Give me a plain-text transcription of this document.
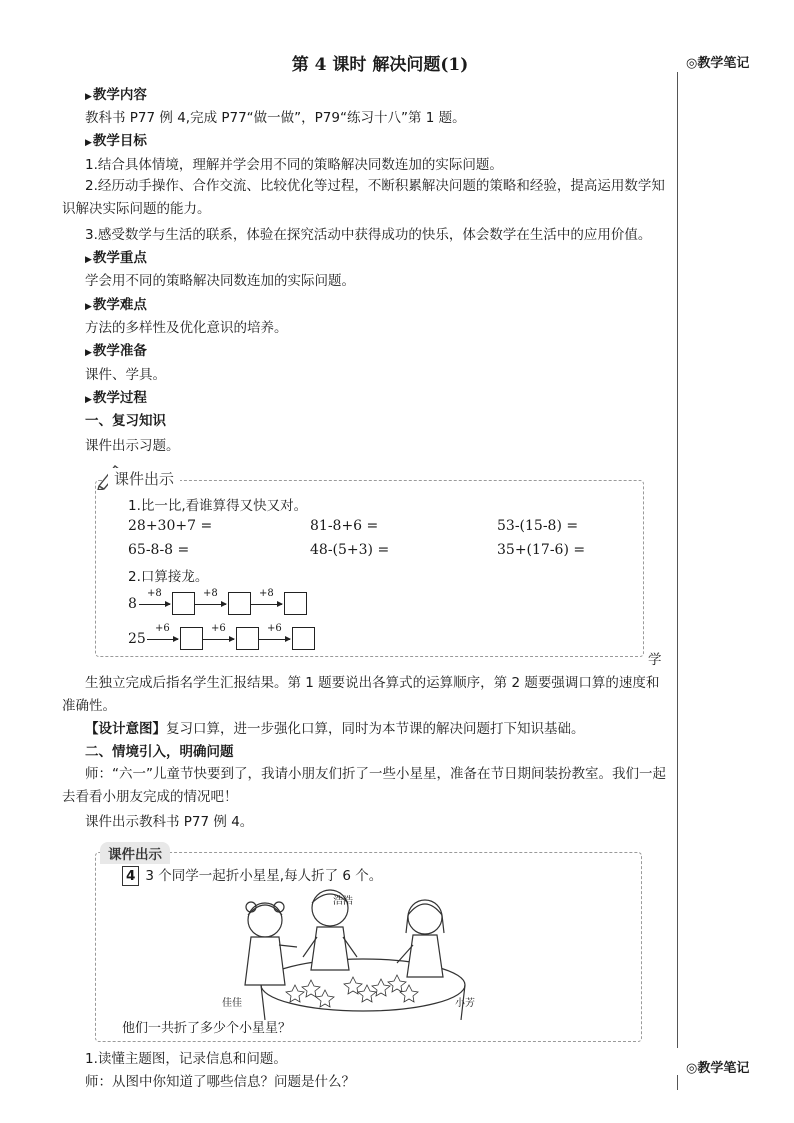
第 4 课时 解决问题(1)	◎教学笔记
◎教学笔记
学
▶教学内容
教科书 P77 例 4,完成 P77“做一做”，P79“练习十八”第 1 题。
▶教学目标
1.结合具体情境，理解并学会用不同的策略解决同数连加的实际问题。
2.经历动手操作、合作交流、比较优化等过程，不断积累解决问题的策略和经验，提高运用数学知识解决实际问题的能力。
3.感受数学与生活的联系，体验在探究活动中获得成功的快乐，体会数学在生活中的应用价值。
▶教学重点
学会用不同的策略解决同数连加的实际问题。
▶教学难点
方法的多样性及优化意识的培养。
▶教学准备
课件、学具。
▶教学过程
一、复习知识
课件出示习题。
课件出示
1.比一比,看谁算得又快又对。
28+30+7 =	81-8+6 =	53-(15-8) =
65-8-8 =	48-(5+3) =	35+(17-6) =
2.口算接龙。
8
+8	+8	+8
25
+6	+6	+6
生独立完成后指名学生汇报结果。第 1 题要说出各算式的运算顺序，第 2 题要强调口算的速度和准确性。
【设计意图】复习口算，进一步强化口算，同时为本节课的解决问题打下知识基础。
二、情境引入，明确问题
师：“六一”儿童节快要到了，我请小朋友们折了一些小星星，准备在节日期间装扮教室。我们一起去看看小朋友完成的情况吧！
课件出示教科书 P77 例 4。
课件出示
4 3 个同学一起折小星星,每人折了 6 个。
浩浩
佳佳	小芳
他们一共折了多少个小星星？
1.读懂主题图，记录信息和问题。
师：从图中你知道了哪些信息？问题是什么？
